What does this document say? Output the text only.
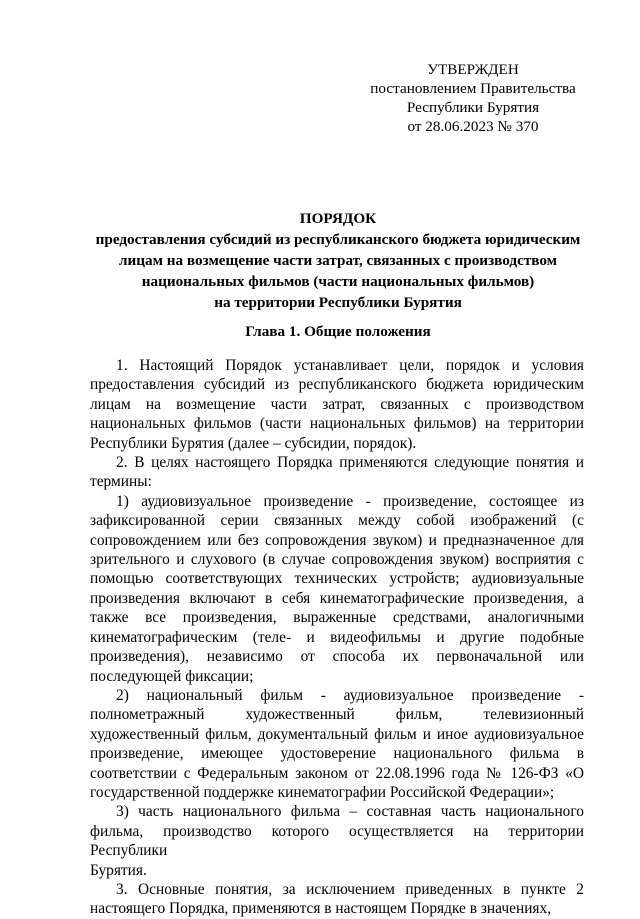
УТВЕРЖДЕН
постановлением Правительства
Республики Бурятия
от 28.06.2023 № 370
ПОРЯДОК
предоставления субсидий из республиканского бюджета юридическим
лицам на возмещение части затрат, связанных с производством
национальных фильмов (части национальных фильмов)
на территории Республики Бурятия
Глава 1. Общие положения
1. Настоящий Порядок устанавливает цели, порядок и условия
предоставления субсидий из республиканского бюджета юридическим
лицам на возмещение части затрат, связанных с производством
национальных фильмов (части национальных фильмов) на территории
Республики Бурятия (далее – субсидии, порядок).
2. В целях настоящего Порядка применяются следующие понятия и
термины:
1) аудиовизуальное произведение - произведение, состоящее из
зафиксированной серии связанных между собой изображений (с
сопровождением или без сопровождения звуком) и предназначенное для
зрительного и слухового (в случае сопровождения звуком) восприятия с
помощью соответствующих технических устройств; аудиовизуальные
произведения включают в себя кинематографические произведения, а
также все произведения, выраженные средствами, аналогичными
кинематографическим (теле- и видеофильмы и другие подобные
произведения), независимо от способа их первоначальной или
последующей фиксации;
2) национальный фильм - аудиовизуальное произведение -
полнометражный художественный фильм, телевизионный
художественный фильм, документальный фильм и иное аудиовизуальное
произведение, имеющее удостоверение национального фильма в
соответствии с Федеральным законом от 22.08.1996 года № 126-ФЗ «О
государственной поддержке кинематографии Российской Федерации»;
3) часть национального фильма – составная часть национального
фильма, производство которого осуществляется на территории Республики
Бурятия.
3. Основные понятия, за исключением приведенных в пункте 2
настоящего Порядка, применяются в настоящем Порядке в значениях,
